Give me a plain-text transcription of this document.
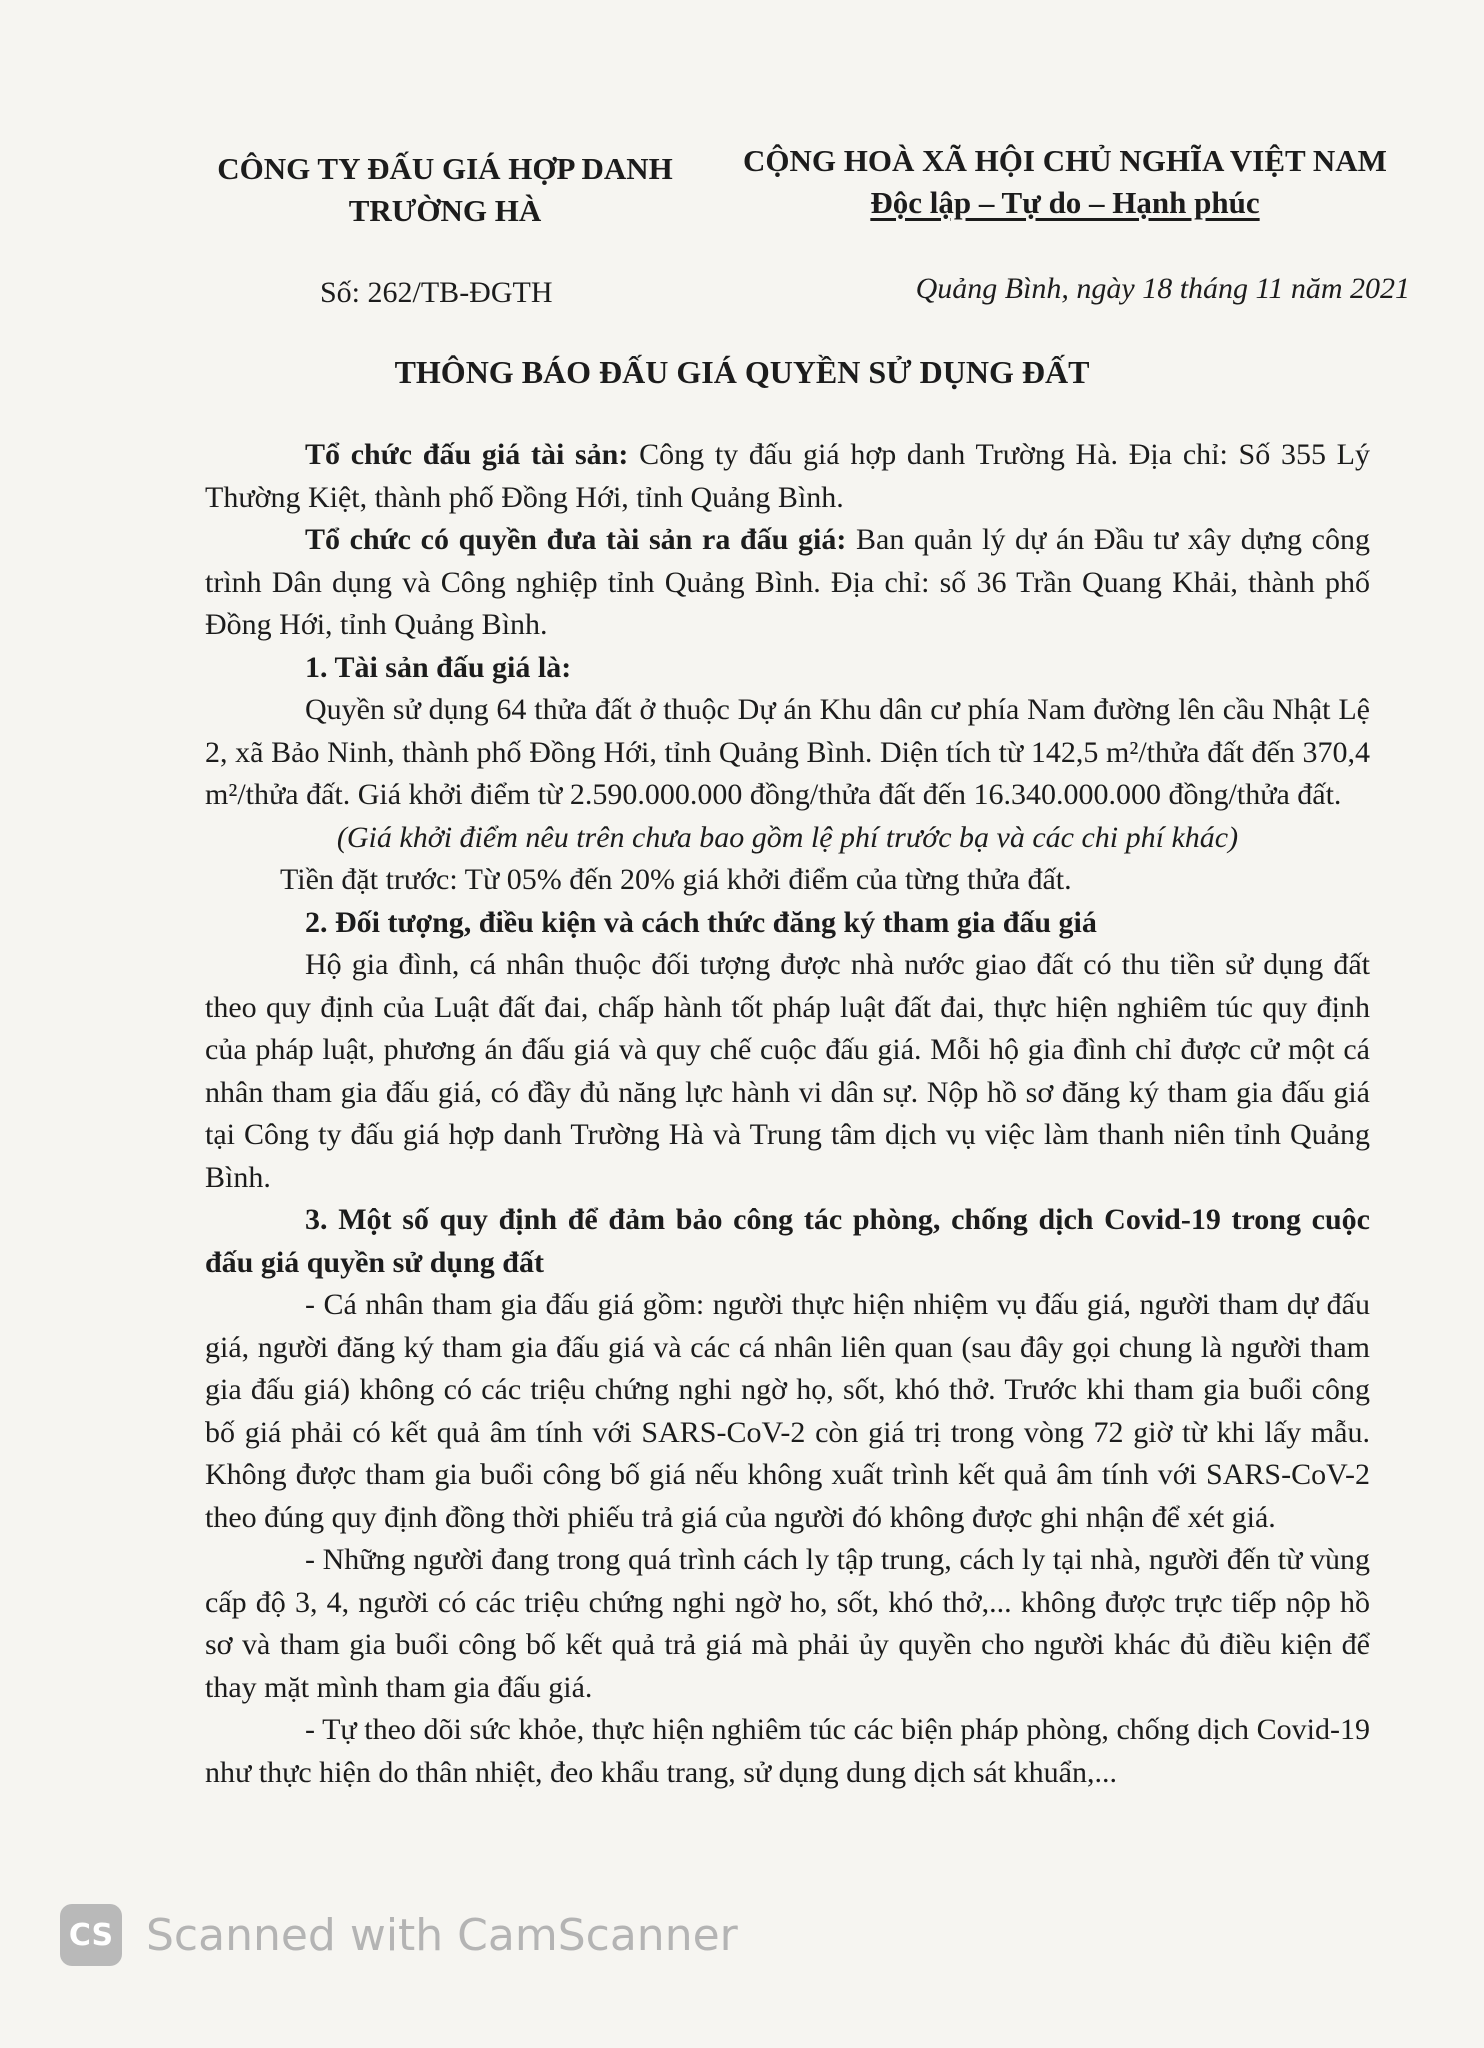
CÔNG TY ĐẤU GIÁ HỢP DANH
TRƯỜNG HÀ
CỘNG HOÀ XÃ HỘI CHỦ NGHĨA VIỆT NAM
Độc lập – Tự do – Hạnh phúc
Số: 262/TB-ĐGTH	Quảng Bình, ngày 18 tháng 11 năm 2021
THÔNG BÁO ĐẤU GIÁ QUYỀN SỬ DỤNG ĐẤT

Tổ chức đấu giá tài sản: Công ty đấu giá hợp danh Trường Hà. Địa chỉ: Số 355 Lý Thường Kiệt, thành phố Đồng Hới, tỉnh Quảng Bình.

Tổ chức có quyền đưa tài sản ra đấu giá: Ban quản lý dự án Đầu tư xây dựng công trình Dân dụng và Công nghiệp tỉnh Quảng Bình. Địa chỉ: số 36 Trần Quang Khải, thành phố Đồng Hới, tỉnh Quảng Bình.

1. Tài sản đấu giá là:

Quyền sử dụng 64 thửa đất ở thuộc Dự án Khu dân cư phía Nam đường lên cầu Nhật Lệ 2, xã Bảo Ninh, thành phố Đồng Hới, tỉnh Quảng Bình. Diện tích từ 142,5 m²/thửa đất đến 370,4 m²/thửa đất. Giá khởi điểm từ 2.590.000.000 đồng/thửa đất đến 16.340.000.000 đồng/thửa đất.

(Giá khởi điểm nêu trên chưa bao gồm lệ phí trước bạ và các chi phí khác)

Tiền đặt trước: Từ 05% đến 20% giá khởi điểm của từng thửa đất.

2. Đối tượng, điều kiện và cách thức đăng ký tham gia đấu giá

Hộ gia đình, cá nhân thuộc đối tượng được nhà nước giao đất có thu tiền sử dụng đất theo quy định của Luật đất đai, chấp hành tốt pháp luật đất đai, thực hiện nghiêm túc quy định của pháp luật, phương án đấu giá và quy chế cuộc đấu giá. Mỗi hộ gia đình chỉ được cử một cá nhân tham gia đấu giá, có đầy đủ năng lực hành vi dân sự. Nộp hồ sơ đăng ký tham gia đấu giá tại Công ty đấu giá hợp danh Trường Hà và Trung tâm dịch vụ việc làm thanh niên tỉnh Quảng Bình.

3. Một số quy định để đảm bảo công tác phòng, chống dịch Covid-19 trong cuộc đấu giá quyền sử dụng đất

- Cá nhân tham gia đấu giá gồm: người thực hiện nhiệm vụ đấu giá, người tham dự đấu giá, người đăng ký tham gia đấu giá và các cá nhân liên quan (sau đây gọi chung là người tham gia đấu giá) không có các triệu chứng nghi ngờ họ, sốt, khó thở. Trước khi tham gia buổi công bố giá phải có kết quả âm tính với SARS-CoV-2 còn giá trị trong vòng 72 giờ từ khi lấy mẫu. Không được tham gia buổi công bố giá nếu không xuất trình kết quả âm tính với SARS-CoV-2 theo đúng quy định đồng thời phiếu trả giá của người đó không được ghi nhận để xét giá.

- Những người đang trong quá trình cách ly tập trung, cách ly tại nhà, người đến từ vùng cấp độ 3, 4, người có các triệu chứng nghi ngờ ho, sốt, khó thở,... không được trực tiếp nộp hồ sơ và tham gia buổi công bố kết quả trả giá mà phải ủy quyền cho người khác đủ điều kiện để thay mặt mình tham gia đấu giá.

- Tự theo dõi sức khỏe, thực hiện nghiêm túc các biện pháp phòng, chống dịch Covid-19 như thực hiện do thân nhiệt, đeo khẩu trang, sử dụng dung dịch sát khuẩn,...

CS Scanned with CamScanner
